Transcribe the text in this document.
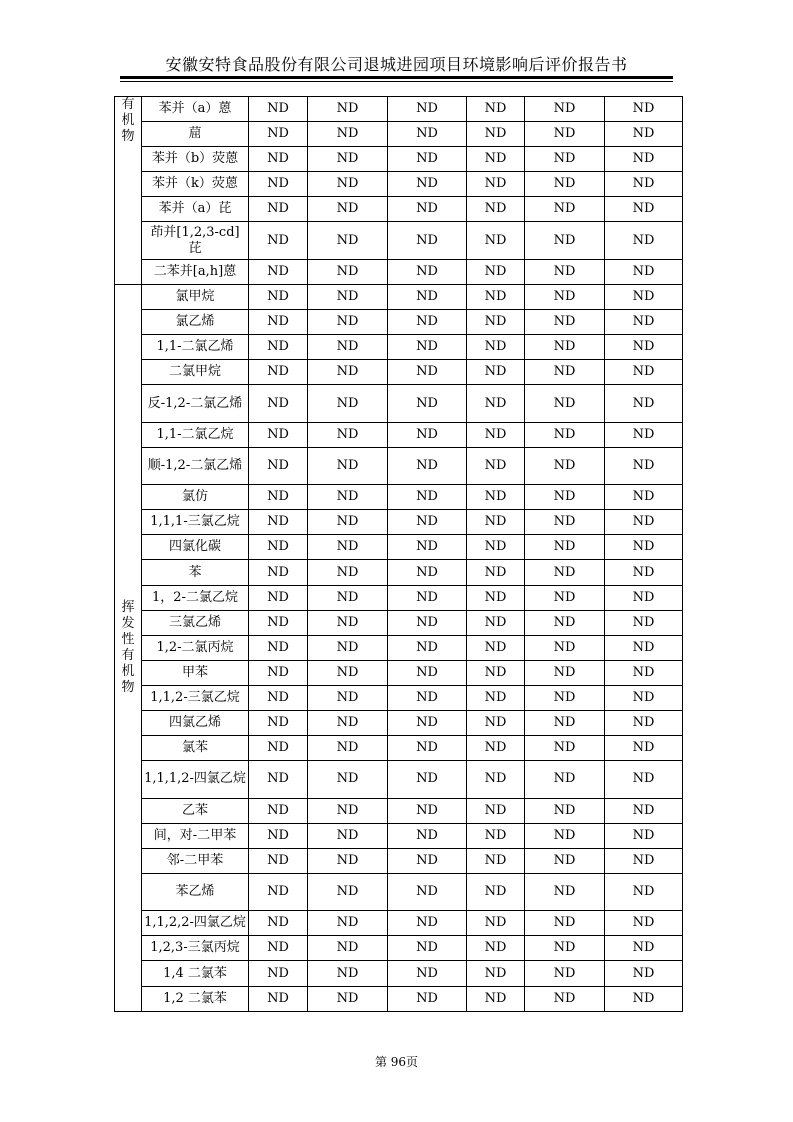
安徽安特食品股份有限公司退城进园项目环境影响后评价报告书
有机物	苯并（a）蒽	ND	ND	ND	ND	ND	ND
	䓛	ND	ND	ND	ND	ND	ND
	苯并（b）荧蒽	ND	ND	ND	ND	ND	ND
	苯并（k）荧蒽	ND	ND	ND	ND	ND	ND
	苯并（a）芘	ND	ND	ND	ND	ND	ND
	茚并[1,2,3-cd]芘	ND	ND	ND	ND	ND	ND
	二苯并[a,h]蒽	ND	ND	ND	ND	ND	ND
挥发性有机物	氯甲烷	ND	ND	ND	ND	ND	ND
	氯乙烯	ND	ND	ND	ND	ND	ND
	1,1-二氯乙烯	ND	ND	ND	ND	ND	ND
	二氯甲烷	ND	ND	ND	ND	ND	ND
	反-1,2-二氯乙烯	ND	ND	ND	ND	ND	ND
	1,1-二氯乙烷	ND	ND	ND	ND	ND	ND
	顺-1,2-二氯乙烯	ND	ND	ND	ND	ND	ND
	氯仿	ND	ND	ND	ND	ND	ND
	1,1,1-三氯乙烷	ND	ND	ND	ND	ND	ND
	四氯化碳	ND	ND	ND	ND	ND	ND
	苯	ND	ND	ND	ND	ND	ND
	1，2-二氯乙烷	ND	ND	ND	ND	ND	ND
	三氯乙烯	ND	ND	ND	ND	ND	ND
	1,2-二氯丙烷	ND	ND	ND	ND	ND	ND
	甲苯	ND	ND	ND	ND	ND	ND
	1,1,2-三氯乙烷	ND	ND	ND	ND	ND	ND
	四氯乙烯	ND	ND	ND	ND	ND	ND
	氯苯	ND	ND	ND	ND	ND	ND
	1,1,1,2-四氯乙烷	ND	ND	ND	ND	ND	ND
	乙苯	ND	ND	ND	ND	ND	ND
	间，对-二甲苯	ND	ND	ND	ND	ND	ND
	邻-二甲苯	ND	ND	ND	ND	ND	ND
	苯乙烯	ND	ND	ND	ND	ND	ND
	1,1,2,2-四氯乙烷	ND	ND	ND	ND	ND	ND
	1,2,3-三氯丙烷	ND	ND	ND	ND	ND	ND
	1,4 二氯苯	ND	ND	ND	ND	ND	ND
	1,2 二氯苯	ND	ND	ND	ND	ND	ND
第 96页
